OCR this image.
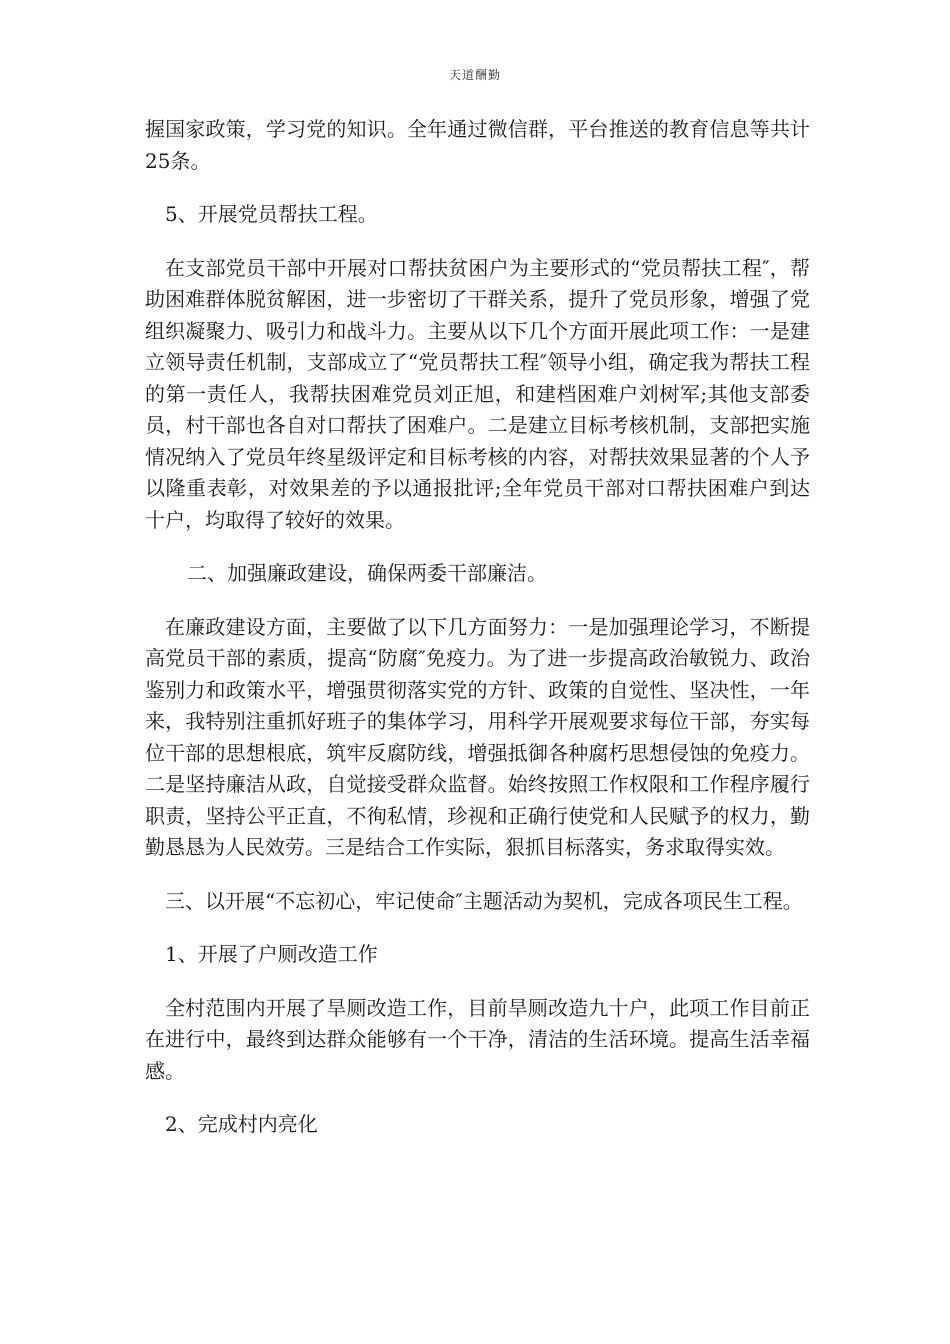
天道酬勤

握国家政策，学习党的知识。全年通过微信群，平台推送的教育信息等共计25条。

5、开展党员帮扶工程。

在支部党员干部中开展对口帮扶贫困户为主要形式的“党员帮扶工程″，帮助困难群体脱贫解困，进一步密切了干群关系，提升了党员形象，增强了党组织凝聚力、吸引力和战斗力。主要从以下几个方面开展此项工作：一是建立领导责任机制，支部成立了“党员帮扶工程″领导小组，确定我为帮扶工程的第一责任人，我帮扶困难党员刘正旭，和建档困难户刘树军;其他支部委员，村干部也各自对口帮扶了困难户。二是建立目标考核机制，支部把实施情况纳入了党员年终星级评定和目标考核的内容，对帮扶效果显著的个人予以隆重表彰，对效果差的予以通报批评;全年党员干部对口帮扶困难户到达十户，均取得了较好的效果。

二、加强廉政建设，确保两委干部廉洁。

在廉政建设方面，主要做了以下几方面努力：一是加强理论学习，不断提高党员干部的素质，提高“防腐″免疫力。为了进一步提高政治敏锐力、政治鉴别力和政策水平，增强贯彻落实党的方针、政策的自觉性、坚决性，一年来，我特别注重抓好班子的集体学习，用科学开展观要求每位干部，夯实每位干部的思想根底，筑牢反腐防线，增强抵御各种腐朽思想侵蚀的免疫力。二是坚持廉洁从政，自觉接受群众监督。始终按照工作权限和工作程序履行职责，坚持公平正直，不徇私情，珍视和正确行使党和人民赋予的权力，勤勤恳恳为人民效劳。三是结合工作实际，狠抓目标落实，务求取得实效。

三、以开展“不忘初心，牢记使命″主题活动为契机，完成各项民生工程。

1、开展了户厕改造工作

全村范围内开展了旱厕改造工作，目前旱厕改造九十户，此项工作目前正在进行中，最终到达群众能够有一个干净，清洁的生活环境。提高生活幸福感。

2、完成村内亮化
